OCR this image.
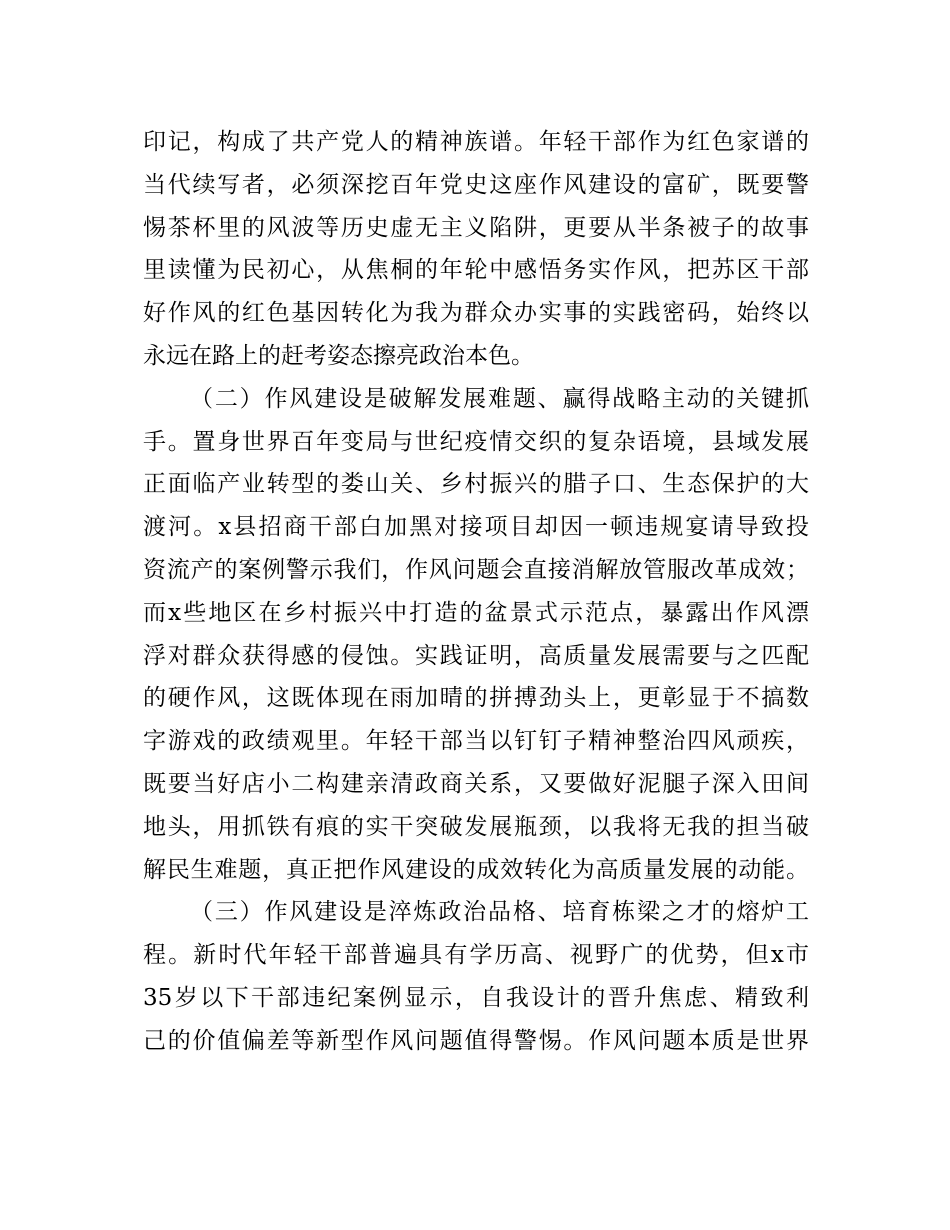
印记，构成了共产党人的精神族谱。年轻干部作为红色家谱的
当代续写者，必须深挖百年党史这座作风建设的富矿，既要警
惕茶杯里的风波等历史虚无主义陷阱，更要从半条被子的故事
里读懂为民初心，从焦桐的年轮中感悟务实作风，把苏区干部
好作风的红色基因转化为我为群众办实事的实践密码，始终以
永远在路上的赶考姿态擦亮政治本色。
（二）作风建设是破解发展难题、赢得战略主动的关键抓
手。置身世界百年变局与世纪疫情交织的复杂语境，县域发展
正面临产业转型的娄山关、乡村振兴的腊子口、生态保护的大
渡河。x县招商干部白加黑对接项目却因一顿违规宴请导致投
资流产的案例警示我们，作风问题会直接消解放管服改革成效；
而x些地区在乡村振兴中打造的盆景式示范点，暴露出作风漂
浮对群众获得感的侵蚀。实践证明，高质量发展需要与之匹配
的硬作风，这既体现在雨加晴的拼搏劲头上，更彰显于不搞数
字游戏的政绩观里。年轻干部当以钉钉子精神整治四风顽疾，
既要当好店小二构建亲清政商关系，又要做好泥腿子深入田间
地头，用抓铁有痕的实干突破发展瓶颈，以我将无我的担当破
解民生难题，真正把作风建设的成效转化为高质量发展的动能。
（三）作风建设是淬炼政治品格、培育栋梁之才的熔炉工
程。新时代年轻干部普遍具有学历高、视野广的优势，但x市
35岁以下干部违纪案例显示，自我设计的晋升焦虑、精致利
己的价值偏差等新型作风问题值得警惕。作风问题本质是世界
